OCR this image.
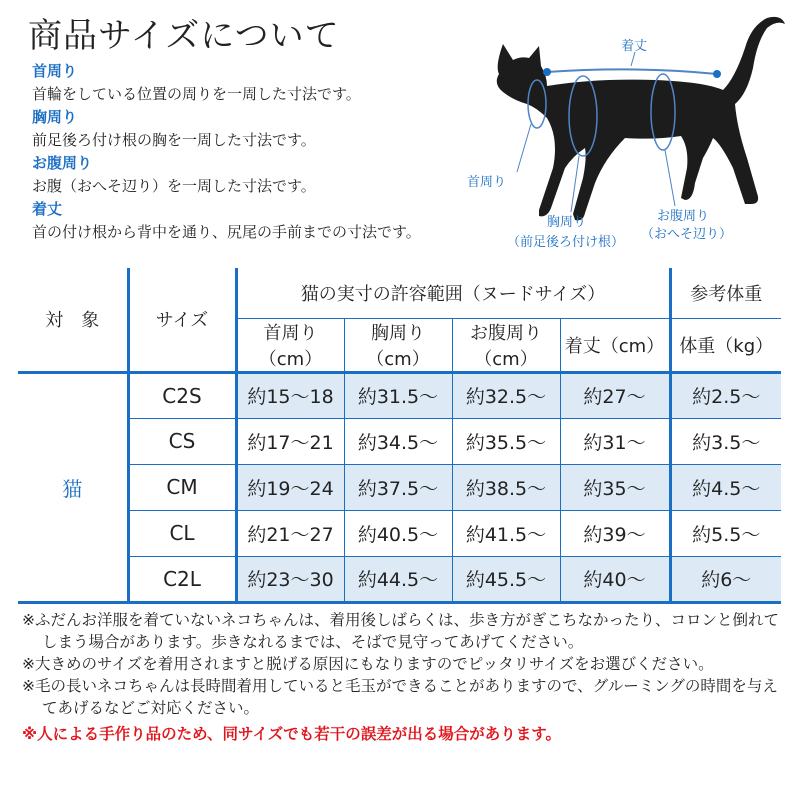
商品サイズについて
首周り
首輪をしている位置の周りを一周した寸法です。
胸周り
前足後ろ付け根の胸を一周した寸法です。
お腹周り
お腹（おへそ辺り）を一周した寸法です。
着丈
首の付け根から背中を通り、尻尾の手前までの寸法です。
着丈
首周り
胸周り
（前足後ろ付け根）
お腹周り
（おへそ辺り）
対　象	サイズ	猫の実寸の許容範囲（ヌードサイズ）				参考体重
		首周り（cm）	胸周り（cm）	お腹周り（cm）	着丈（cm）	体重（kg）
猫	C2S	約15～18	約31.5～	約32.5～	約27～	約2.5～
	CS	約17～21	約34.5～	約35.5～	約31～	約3.5～
	CM	約19～24	約37.5～	約38.5～	約35～	約4.5～
	CL	約21～27	約40.5～	約41.5～	約39～	約5.5～
	C2L	約23～30	約44.5～	約45.5～	約40～	約6～
※ふだんお洋服を着ていないネコちゃんは、着用後しばらくは、歩き方がぎこちなかったり、コロンと倒れてしまう場合があります。歩きなれるまでは、そばで見守ってあげてください。
※大きめのサイズを着用されますと脱げる原因にもなりますのでピッタリサイズをお選びください。
※毛の長いネコちゃんは長時間着用していると毛玉ができることがありますので、グルーミングの時間を与えてあげるなどご対応ください。
※人による手作り品のため、同サイズでも若干の誤差が出る場合があります。
